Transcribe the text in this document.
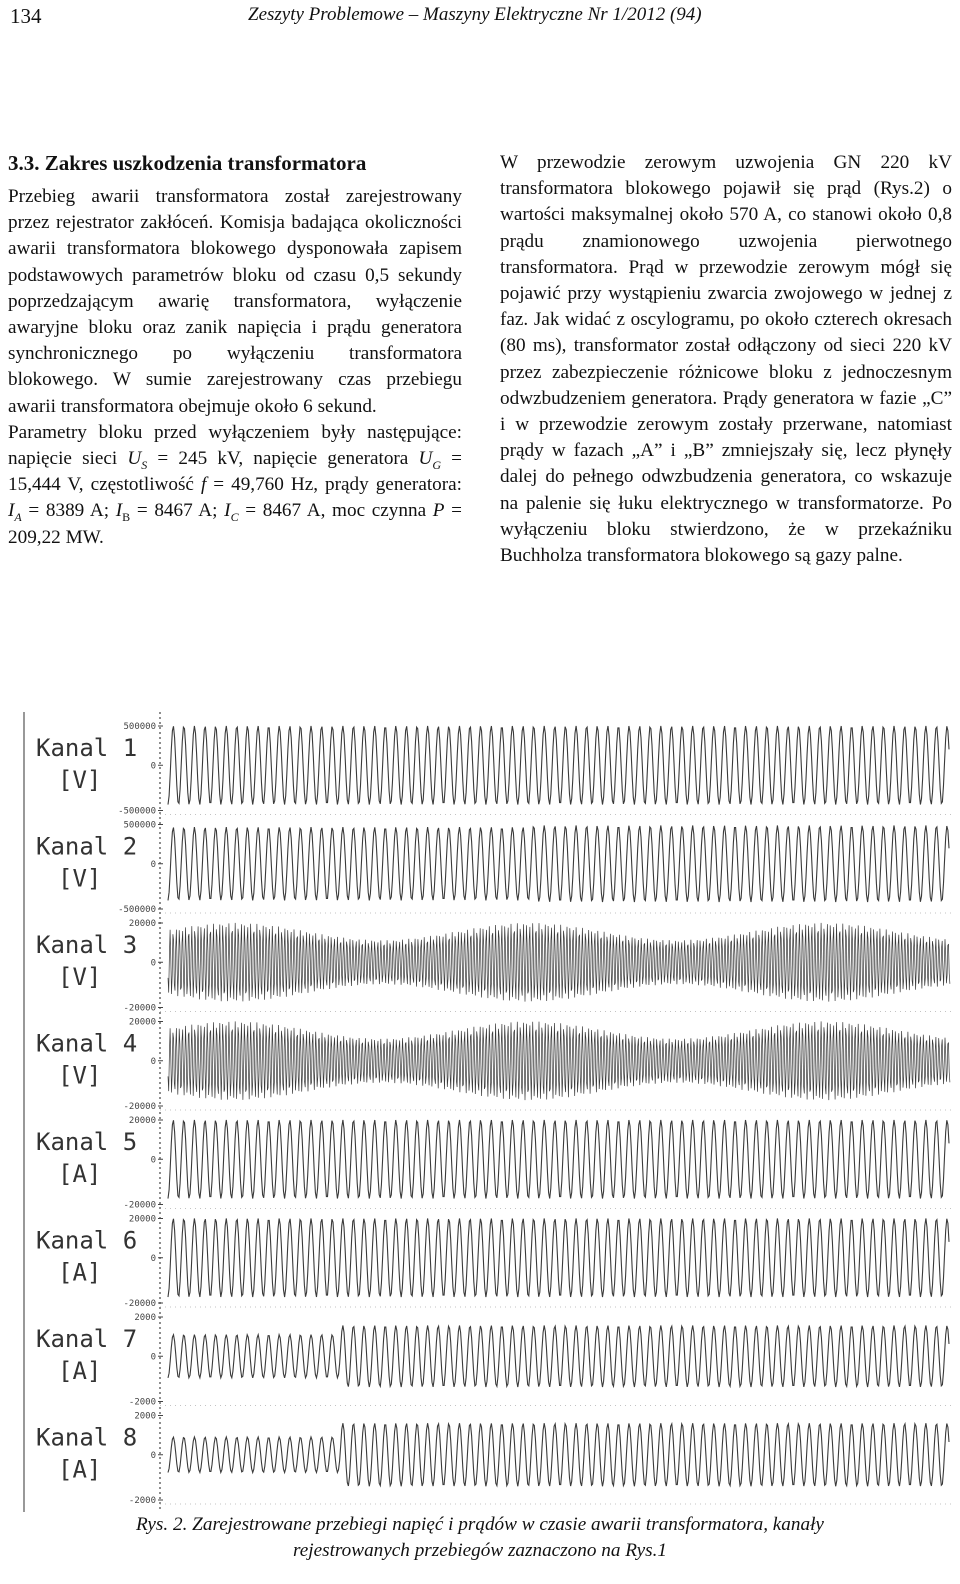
134	Zeszyty Problemowe – Maszyny Elektryczne Nr 1/2012 (94)

3.3. Zakres uszkodzenia transformatora

Przebieg awarii transformatora został zarejestrowany przez rejestrator zakłóceń. Komisja badająca okoliczności awarii transformatora blokowego dysponowała zapisem podstawowych parametrów bloku od czasu 0,5 sekundy poprzedzającym awarię transformatora, wyłączenie awaryjne bloku oraz zanik napięcia i prądu generatora synchronicznego po wyłączeniu transformatora blokowego. W sumie zarejestrowany czas przebiegu awarii transformatora obejmuje około 6 sekund.

Parametry bloku przed wyłączeniem były następujące: napięcie sieci $U_S = 245$ kV, napięcie generatora $U_G = 15,444$ V, częstotliwość f = 49,760 Hz, prądy generatora: $I_A = 8389$ A; $I_B = 8467$ A; $I_C = 8467$ A, moc czynna P = 209,22 MW.

W przewodzie zerowym uzwojenia GN 220 kV transformatora blokowego pojawił się prąd (Rys.2) o wartości maksymalnej około 570 A, co stanowi około 0,8 prądu znamionowego uzwojenia pierwotnego transformatora. Prąd w przewodzie zerowym mógł się pojawić przy wystąpieniu zwarcia zwojowego w jednej z faz. Jak widać z oscylogramu, po około czterech okresach (80 ms), transformator został odłączony od sieci 220 kV przez zabezpieczenie różnicowe bloku z jednoczesnym odwzbudzeniem generatora. Prądy generatora w fazie „C” i w przewodzie zerowym zostały przerwane, natomiast prądy w fazach „A” i „B” zmniejszały się, lecz płynęły dalej do pełnego odwzbudzenia generatora, co wskazuje na palenie się łuku elektrycznego w transformatorze. Po wyłączeniu bloku stwierdzono, że w przekaźniku Buchholza transformatora blokowego są gazy palne.

Kanal 1
[V]
500000
0
-500000
Kanal 2
[V]
500000
0
-500000
Kanal 3
[V]
20000
0
-20000
Kanal 4
[V]
20000
0
-20000
Kanal 5
[A]
20000
0
-20000
Kanal 6
[A]
20000
0
-20000
Kanal 7
[A]
2000
0
-2000
Kanal 8
[A]
2000
0
-2000
Rys. 2. Zarejestrowane przebiegi napięć i prądów w czasie awarii transformatora, kanały
rejestrowanych przebiegów zaznaczono na Rys.1
